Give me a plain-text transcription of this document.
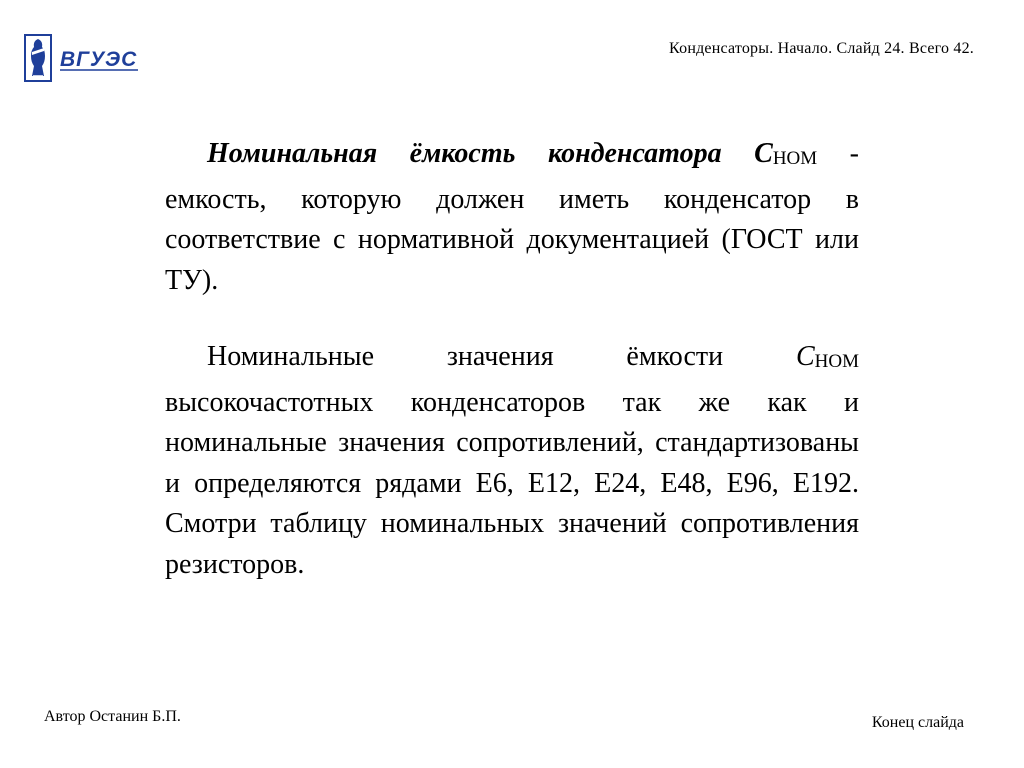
ВГУЭС	Конденсаторы. Начало. Слайд 24. Всего 42.

Номинальная ёмкость конденсатора СНОМ - емкость, которую должен иметь конденсатор в соответствие с нормативной документацией (ГОСТ или ТУ).

Номинальные значения ёмкости СНОМ высокочастотных конденсаторов так же как и номинальные значения сопротивлений, стандартизованы и определяются рядами Е6, Е12, Е24, Е48, Е96, Е192. Смотри таблицу номинальных значений сопротивления резисторов.

Автор Останин Б.П.	Конец слайда
